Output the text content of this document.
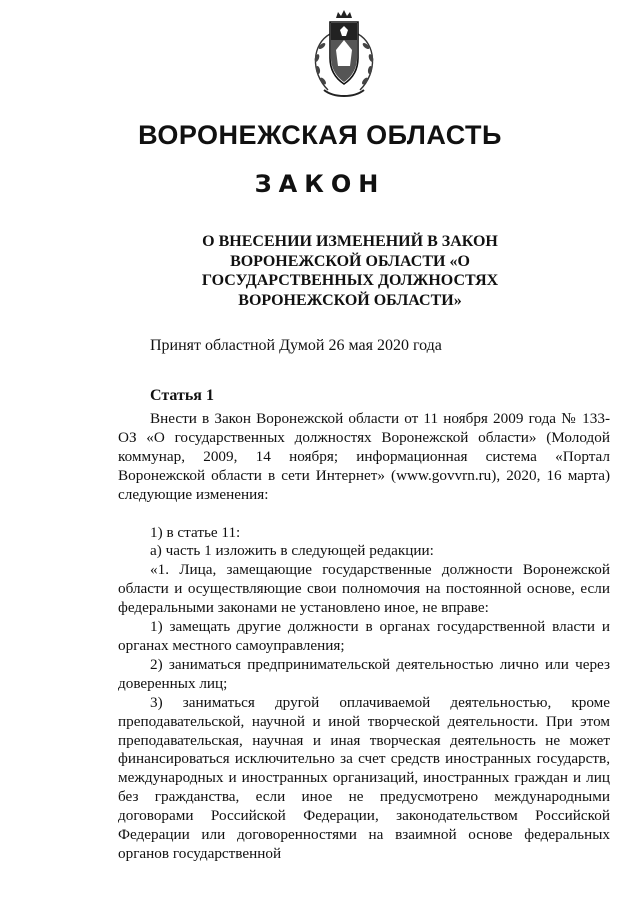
ВОРОНЕЖСКАЯ ОБЛАСТЬ
ЗАКОН
О ВНЕСЕНИИ ИЗМЕНЕНИЙ В ЗАКОН
ВОРОНЕЖСКОЙ ОБЛАСТИ «О
ГОСУДАРСТВЕННЫХ ДОЛЖНОСТЯХ
ВОРОНЕЖСКОЙ ОБЛАСТИ»
Принят областной Думой 26 мая 2020 года
Статья 1

Внести в Закон Воронежской области от 11 ноября 2009 года № 133-ОЗ «О государственных должностях Воронежской области» (Молодой коммунар, 2009, 14 ноября; информационная система «Портал Воронежской области в сети Интернет» (www.govvrn.ru), 2020, 16 марта) следующие изменения:

1) в статье 11:

а) часть 1 изложить в следующей редакции:

«1. Лица, замещающие государственные должности Воронежской области и осуществляющие свои полномочия на постоянной основе, если федеральными законами не установлено иное, не вправе:

1) замещать другие должности в органах государственной власти и органах местного самоуправления;

2) заниматься предпринимательской деятельностью лично или через доверенных лиц;

3) заниматься другой оплачиваемой деятельностью, кроме преподавательской, научной и иной творческой деятельности. При этом преподавательская, научная и иная творческая деятельность не может финансироваться исключительно за счет средств иностранных государств, международных и иностранных организаций, иностранных граждан и лиц без гражданства, если иное не предусмотрено международными договорами Российской Федерации, законодательством Российской Федерации или договоренностями на взаимной основе федеральных органов государственной
